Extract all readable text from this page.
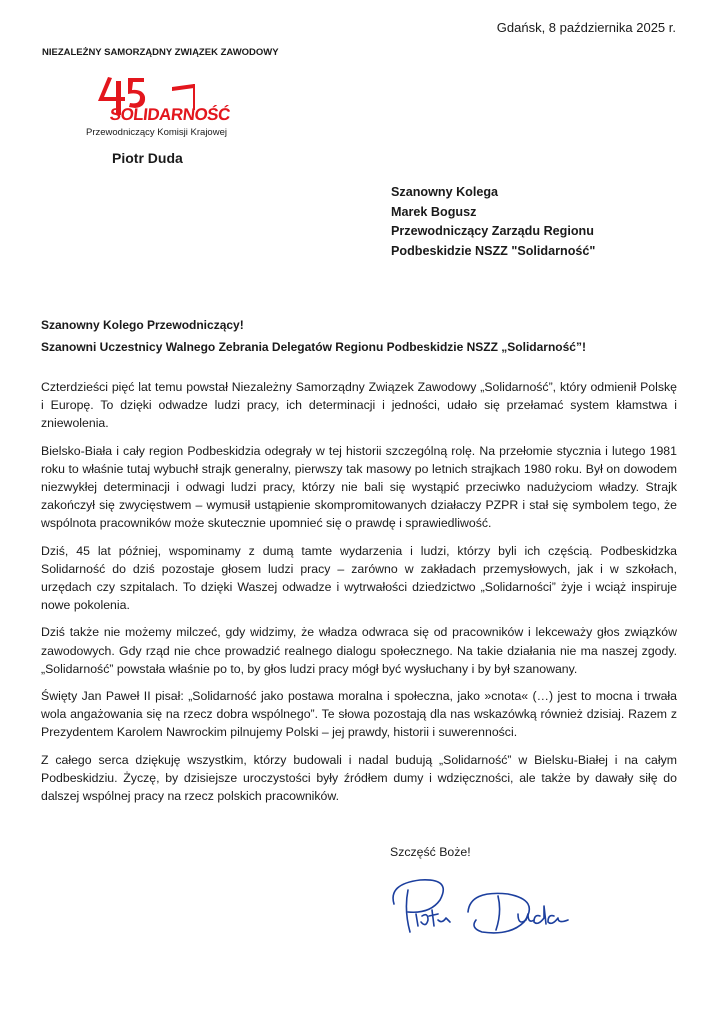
Gdańsk, 8 października 2025 r.
NIEZALEŻNY SAMORZĄDNY ZWIĄZEK ZAWODOWY
SOLIDARNOŚĆ
Przewodniczący Komisji Krajowej
Piotr Duda
Szanowny Kolega
Marek Bogusz
Przewodniczący Zarządu Regionu
Podbeskidzie NSZZ "Solidarność"
Szanowny Kolego Przewodniczący!
Szanowni Uczestnicy Walnego Zebrania Delegatów Regionu Podbeskidzie NSZZ „Solidarność”!

Czterdzieści pięć lat temu powstał Niezależny Samorządny Związek Zawodowy „Solidarność”, który odmienił Polskę i Europę. To dzięki odwadze ludzi pracy, ich determinacji i jedności, udało się przełamać system kłamstwa i zniewolenia.

Bielsko-Biała i cały region Podbeskidzia odegrały w tej historii szczególną rolę. Na przełomie stycznia i lutego 1981 roku to właśnie tutaj wybuchł strajk generalny, pierwszy tak masowy po letnich strajkach 1980 roku. Był on dowodem niezwykłej determinacji i odwagi ludzi pracy, którzy nie bali się wystąpić przeciwko nadużyciom władzy. Strajk zakończył się zwycięstwem – wymusił ustąpienie skompromitowanych działaczy PZPR i stał się symbolem tego, że wspólnota pracowników może skutecznie upomnieć się o prawdę i sprawiedliwość.

Dziś, 45 lat później, wspominamy z dumą tamte wydarzenia i ludzi, którzy byli ich częścią. Podbeskidzka Solidarność do dziś pozostaje głosem ludzi pracy – zarówno w zakładach przemysłowych, jak i w szkołach, urzędach czy szpitalach. To dzięki Waszej odwadze i wytrwałości dziedzictwo „Solidarności” żyje i wciąż inspiruje nowe pokolenia.

Dziś także nie możemy milczeć, gdy widzimy, że władza odwraca się od pracowników i lekceważy głos związków zawodowych. Gdy rząd nie chce prowadzić realnego dialogu społecznego. Na takie działania nie ma naszej zgody. „Solidarność” powstała właśnie po to, by głos ludzi pracy mógł być wysłuchany i by był szanowany.

Święty Jan Paweł II pisał: „Solidarność jako postawa moralna i społeczna, jako »cnota« (…) jest to mocna i trwała wola angażowania się na rzecz dobra wspólnego”. Te słowa pozostają dla nas wskazówką również dzisiaj. Razem z Prezydentem Karolem Nawrockim pilnujemy Polski – jej prawdy, historii i suwerenności.

Z całego serca dziękuję wszystkim, którzy budowali i nadal budują „Solidarność” w Bielsku-Białej i na całym Podbeskidziu. Życzę, by dzisiejsze uroczystości były źródłem dumy i wdzięczności, ale także by dawały siłę do dalszej wspólnej pracy na rzecz polskich pracowników.

Szczęść Boże!
